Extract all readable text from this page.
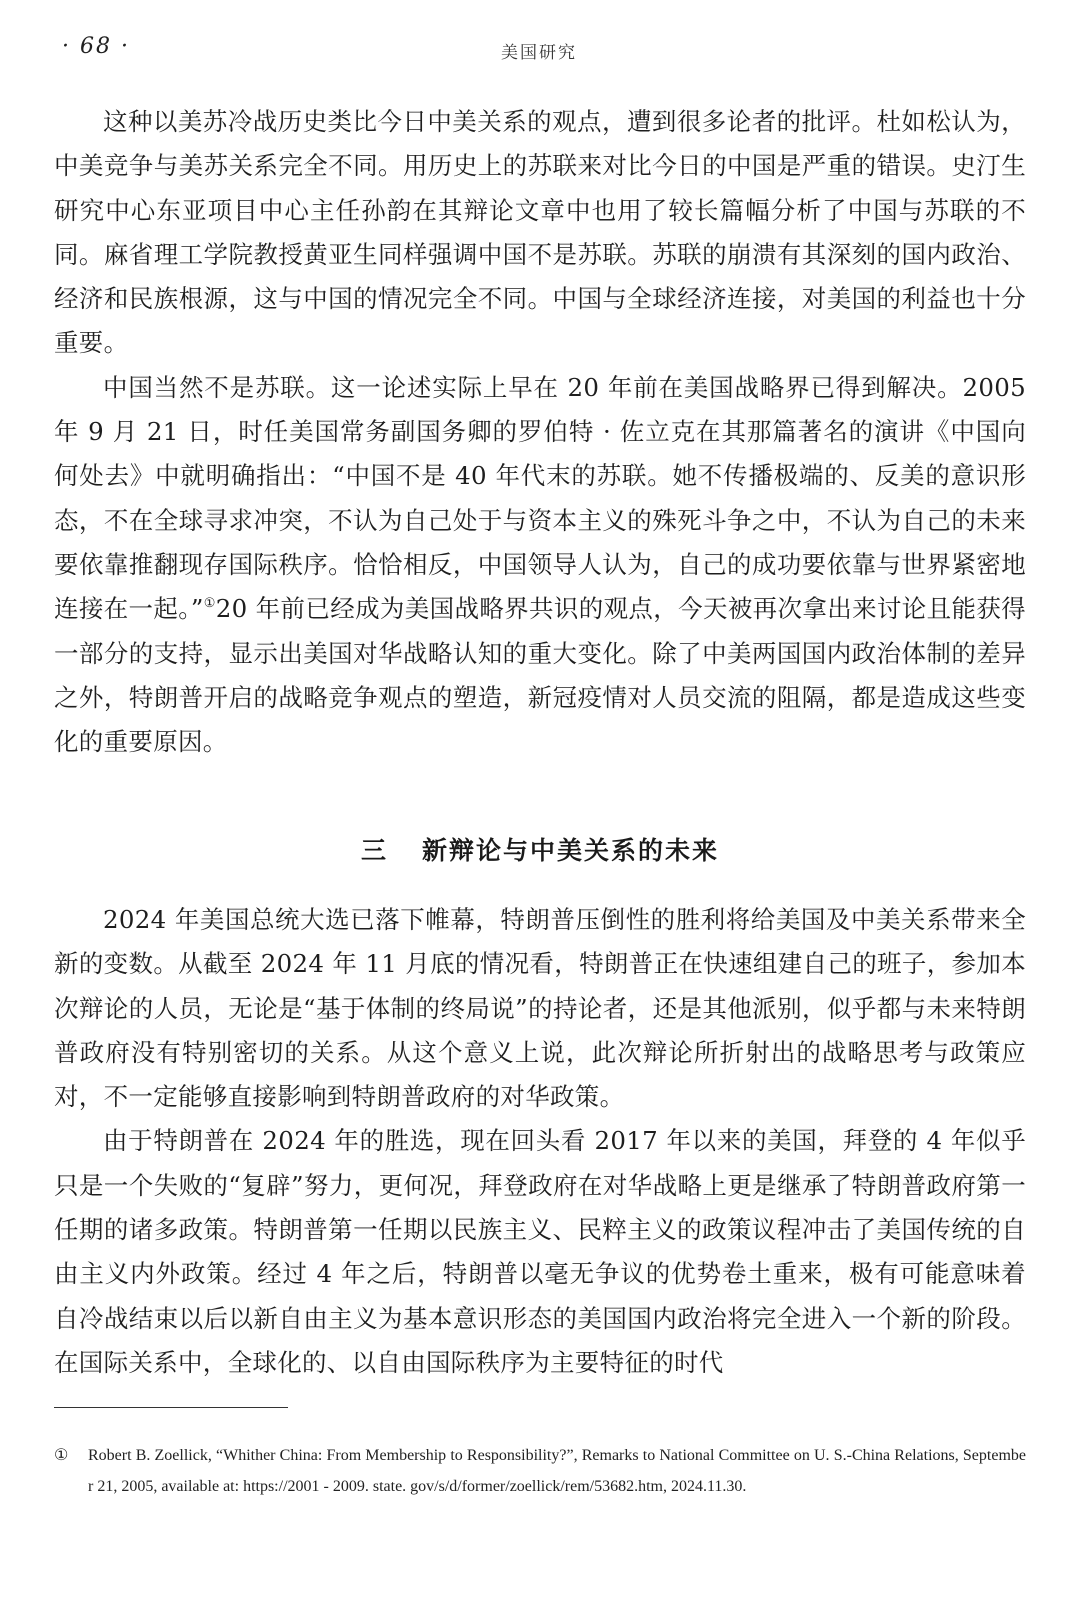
· 68 ·	美国研究

这种以美苏冷战历史类比今日中美关系的观点，遭到很多论者的批评。杜如松认为，中美竞争与美苏关系完全不同。用历史上的苏联来对比今日的中国是严重的错误。史汀生研究中心东亚项目中心主任孙韵在其辩论文章中也用了较长篇幅分析了中国与苏联的不同。麻省理工学院教授黄亚生同样强调中国不是苏联。苏联的崩溃有其深刻的国内政治、经济和民族根源，这与中国的情况完全不同。中国与全球经济连接，对美国的利益也十分重要。

中国当然不是苏联。这一论述实际上早在 20 年前在美国战略界已得到解决。2005 年 9 月 21 日，时任美国常务副国务卿的罗伯特 · 佐立克在其那篇著名的演讲《中国向何处去》中就明确指出：“中国不是 40 年代末的苏联。她不传播极端的、反美的意识形态，不在全球寻求冲突，不认为自己处于与资本主义的殊死斗争之中，不认为自己的未来要依靠推翻现存国际秩序。恰恰相反，中国领导人认为，自己的成功要依靠与世界紧密地连接在一起。”①20 年前已经成为美国战略界共识的观点，今天被再次拿出来讨论且能获得一部分的支持，显示出美国对华战略认知的重大变化。除了中美两国国内政治体制的差异之外，特朗普开启的战略竞争观点的塑造，新冠疫情对人员交流的阻隔，都是造成这些变化的重要原因。

三 新辩论与中美关系的未来

2024 年美国总统大选已落下帷幕，特朗普压倒性的胜利将给美国及中美关系带来全新的变数。从截至 2024 年 11 月底的情况看，特朗普正在快速组建自己的班子，参加本次辩论的人员，无论是“基于体制的终局说”的持论者，还是其他派别，似乎都与未来特朗普政府没有特别密切的关系。从这个意义上说，此次辩论所折射出的战略思考与政策应对，不一定能够直接影响到特朗普政府的对华政策。

由于特朗普在 2024 年的胜选，现在回头看 2017 年以来的美国，拜登的 4 年似乎只是一个失败的“复辟”努力，更何况，拜登政府在对华战略上更是继承了特朗普政府第一任期的诸多政策。特朗普第一任期以民族主义、民粹主义的政策议程冲击了美国传统的自由主义内外政策。经过 4 年之后，特朗普以毫无争议的优势卷土重来，极有可能意味着自冷战结束以后以新自由主义为基本意识形态的美国国内政治将完全进入一个新的阶段。在国际关系中，全球化的、以自由国际秩序为主要特征的时代

① Robert B. Zoellick, “Whither China: From Membership to Responsibility?”, Remarks to National Committee on U. S.-China Relations, September 21, 2005, available at: https://2001 - 2009. state. gov/s/d/former/zoellick/rem/53682.htm, 2024.11.30.
